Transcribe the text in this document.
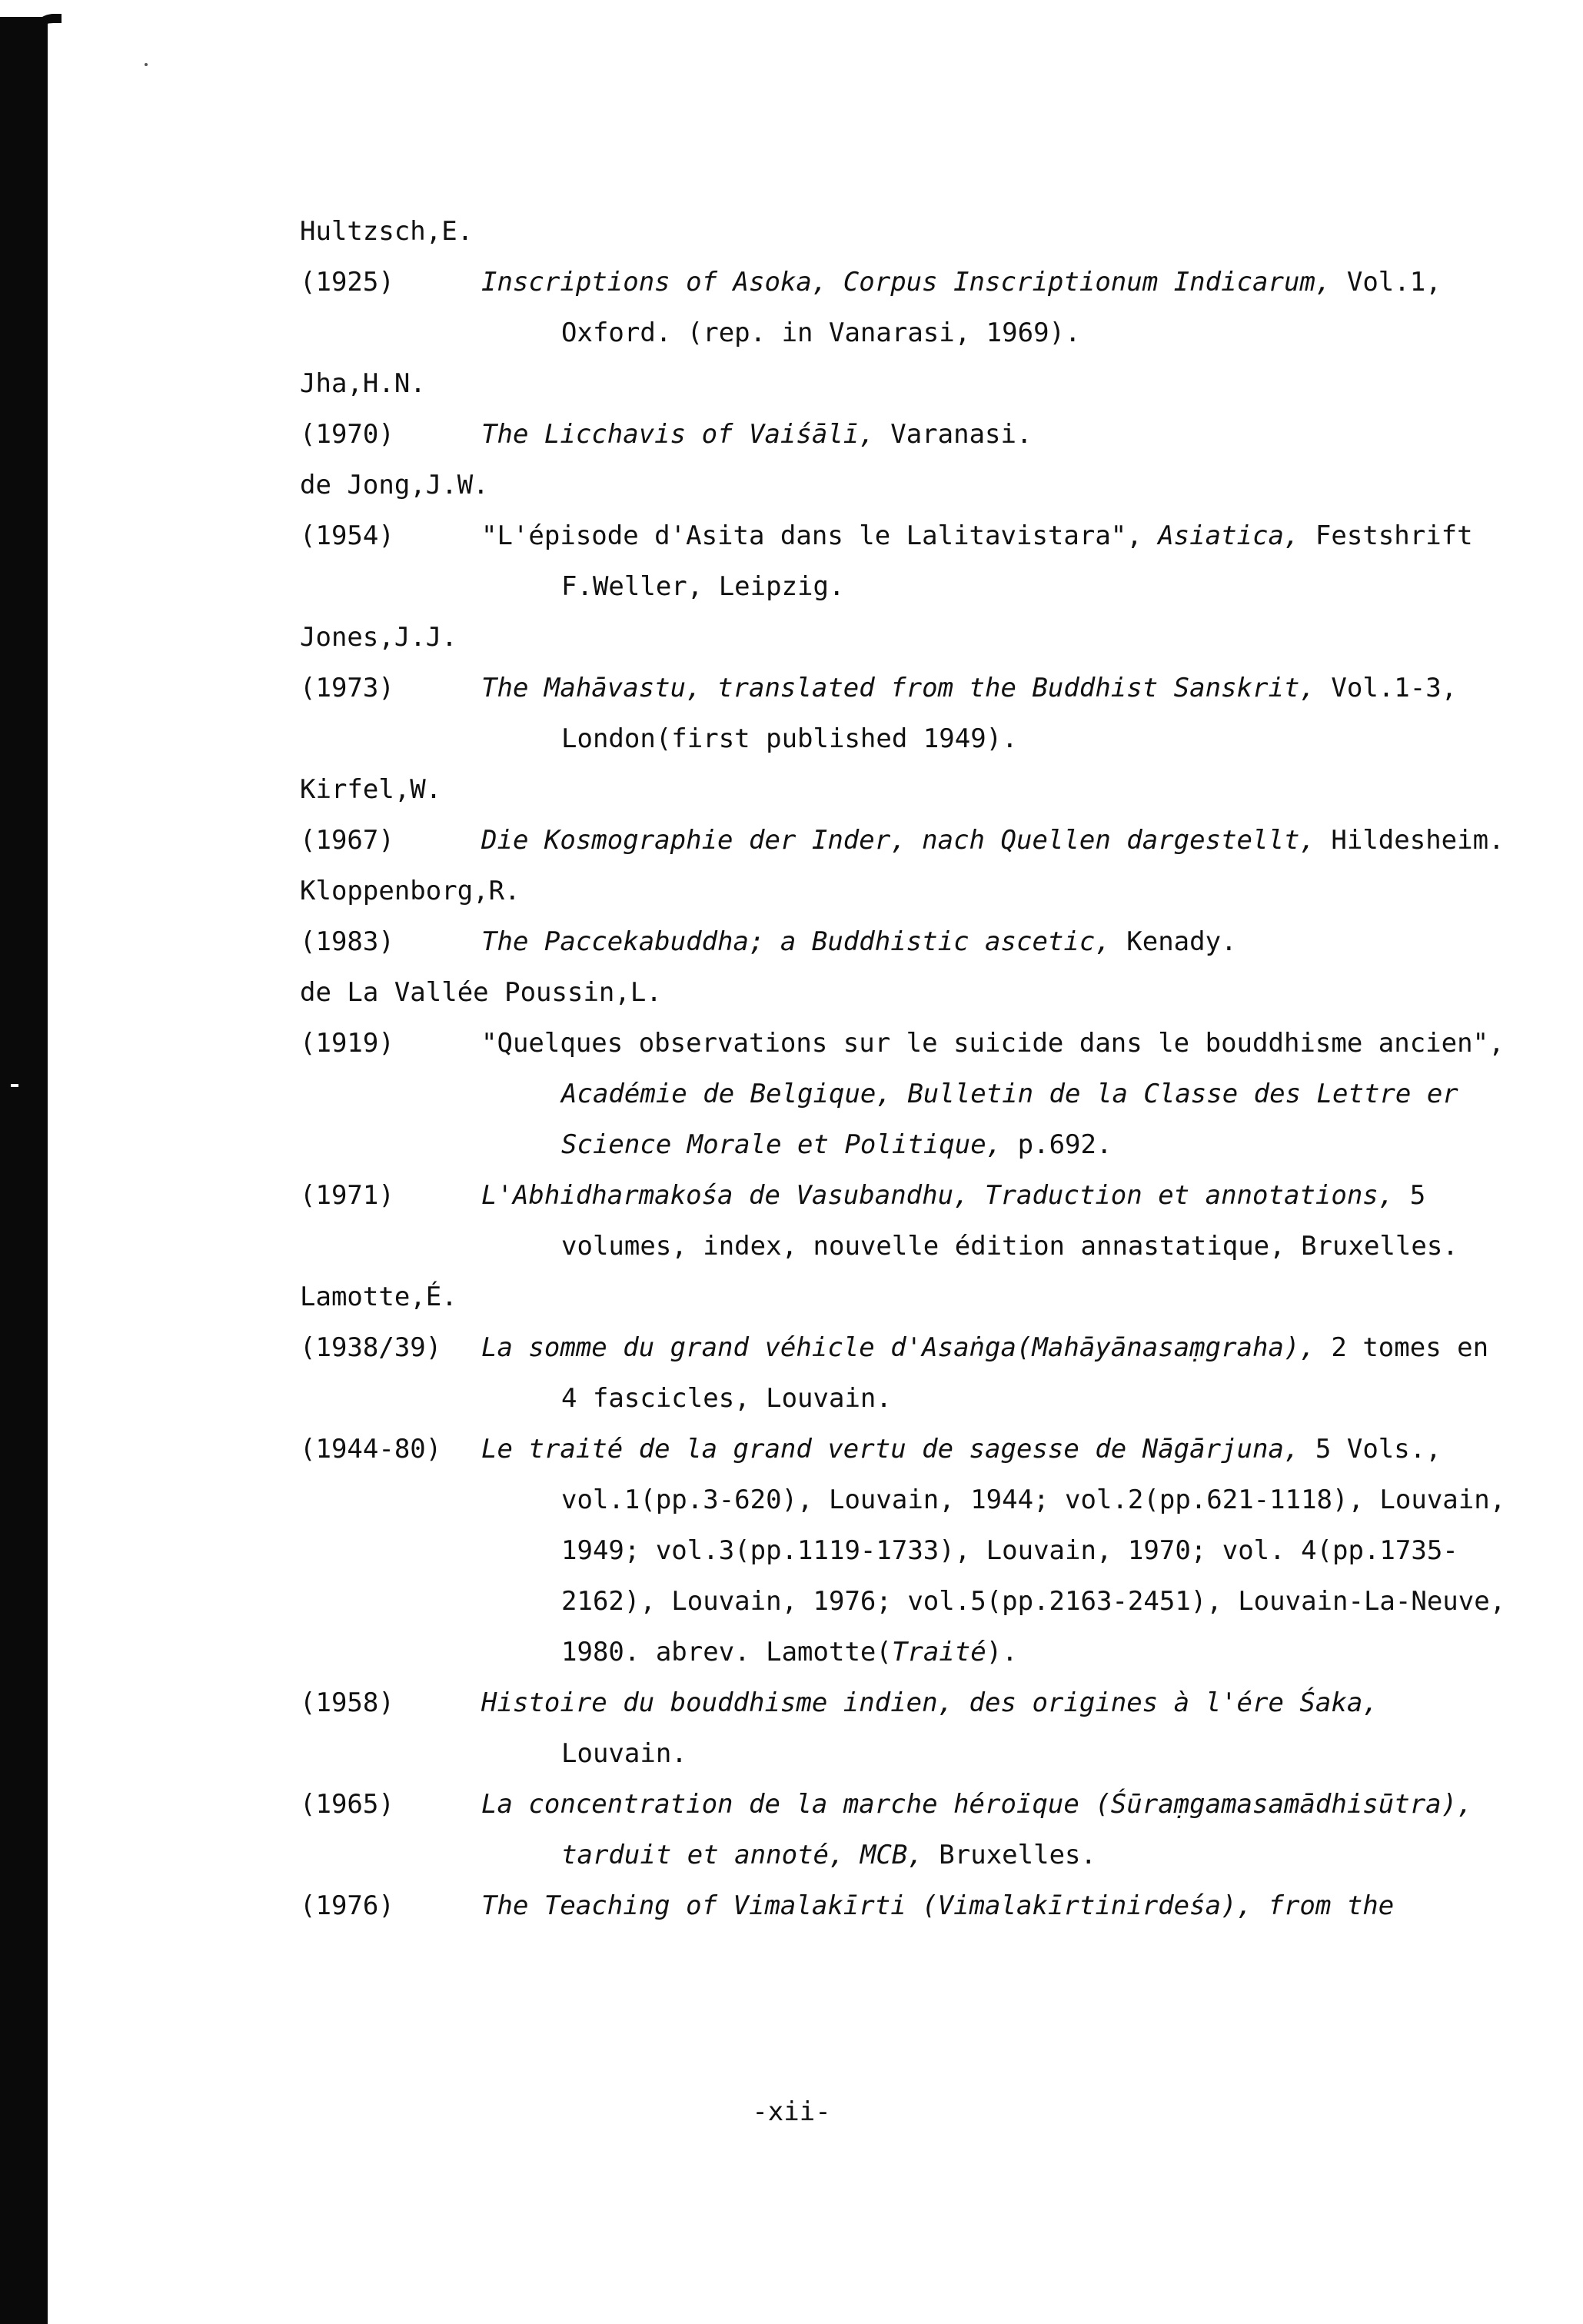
Hultzsch,E.
(1925)	Inscriptions of Asoka, Corpus Inscriptionum Indicarum, Vol.1, Oxford. (rep. in Vanarasi, 1969).
Jha,H.N.
(1970)	The Licchavis of Vaiśālī, Varanasi.
de Jong,J.W.
(1954)	"L'épisode d'Asita dans le Lalitavistara", Asiatica, Festshrift F.Weller, Leipzig.
Jones,J.J.
(1973)	The Mahāvastu, translated from the Buddhist Sanskrit, Vol.1-3, London(first published 1949).
Kirfel,W.
(1967)	Die Kosmographie der Inder, nach Quellen dargestellt, Hildesheim.
Kloppenborg,R.
(1983)	The Paccekabuddha; a Buddhistic ascetic, Kenady.
de La Vallée Poussin,L.
(1919)	"Quelques observations sur le suicide dans le bouddhisme ancien", Académie de Belgique, Bulletin de la Classe des Lettre er Science Morale et Politique, p.692.
(1971)	L'Abhidharmakośa de Vasubandhu, Traduction et annotations, 5 volumes, index, nouvelle édition annastatique, Bruxelles.
Lamotte,É.
(1938/39)	La somme du grand véhicle d'Asaṅga(Mahāyānasaṃgraha), 2 tomes en 4 fascicles, Louvain.
(1944-80)	Le traité de la grand vertu de sagesse de Nāgārjuna, 5 Vols., vol.1(pp.3-620), Louvain, 1944; vol.2(pp.621-1118), Louvain, 1949; vol.3(pp.1119-1733), Louvain, 1970; vol. 4(pp.1735-2162), Louvain, 1976; vol.5(pp.2163-2451), Louvain-La-Neuve, 1980. abrev. Lamotte(Traité).
(1958)	Histoire du bouddhisme indien, des origines à l'ére Śaka, Louvain.
(1965)	La concentration de la marche héroïque (Śūraṃgamasamādhisūtra), tarduit et annoté, MCB, Bruxelles.
(1976)	The Teaching of Vimalakīrti (Vimalakīrtinirdeśa), from the
-xii-
